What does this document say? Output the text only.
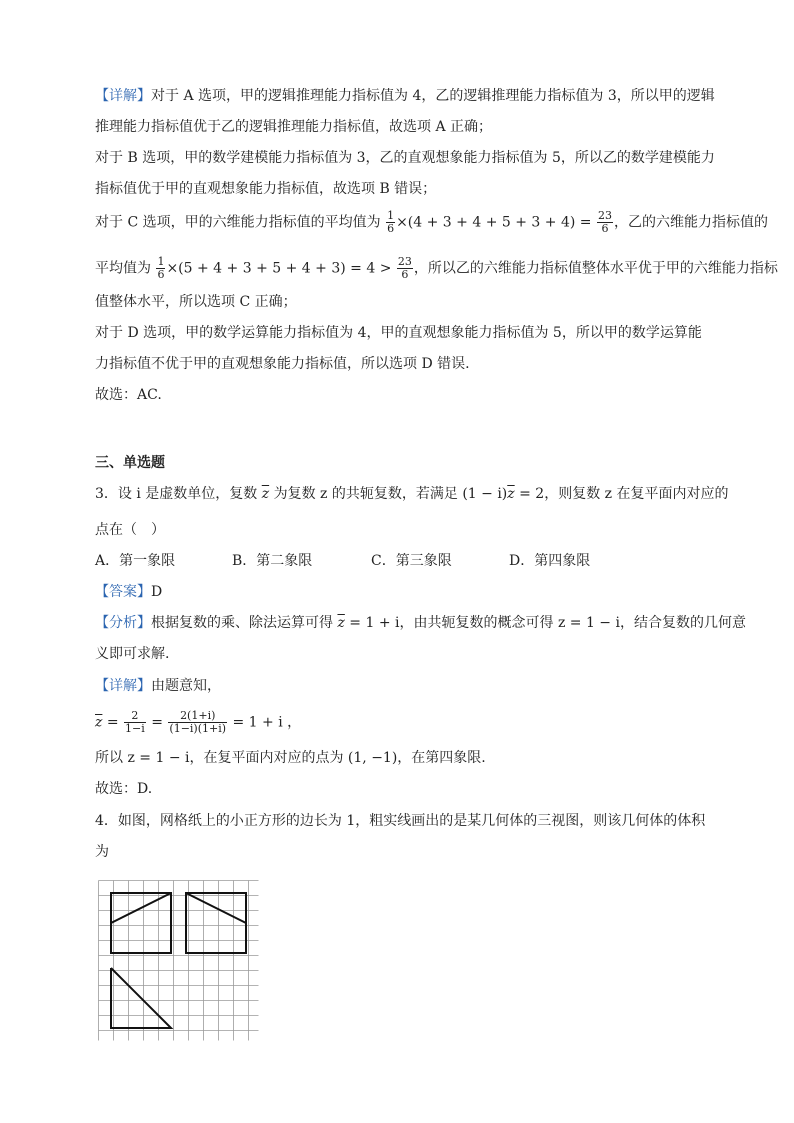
【详解】对于 A 选项，甲的逻辑推理能力指标值为 4，乙的逻辑推理能力指标值为 3，所以甲的逻辑
推理能力指标值优于乙的逻辑推理能力指标值，故选项 A 正确；
对于 B 选项，甲的数学建模能力指标值为 3，乙的直观想象能力指标值为 5，所以乙的数学建模能力
指标值优于甲的直观想象能力指标值，故选项 B 错误；
对于 C 选项，甲的六维能力指标值的平均值为 $\frac{1}{6} \times(4 + 3 + 4 + 5 + 3 + 4) = \frac{23}{6}$ ，乙的六维能力指标值的
平均值为 $\frac{1}{6} \times(5 + 4 + 3 + 5 + 4 + 3) = 4 > \frac{23}{6}$ ，所以乙的六维能力指标值整体水平优于甲的六维能力指标
值整体水平，所以选项 C 正确；
对于 D 选项，甲的数学运算能力指标值为 4，甲的直观想象能力指标值为 5，所以甲的数学运算能
力指标值不优于甲的直观想象能力指标值，所以选项 D 错误.
故选：AC.
三、单选题
3．设 i 是虚数单位，复数 $\overline{z}$ 为复数 z 的共轭复数，若满足 $(1 - i)\overline{z} = 2$，则复数 z 在复平面内对应的
点在（　）
A．第一象限	B．第二象限	C．第三象限	D．第四象限
【答案】D
【分析】根据复数的乘、除法运算可得 $\overline{z} = 1 + i$，由共轭复数的概念可得 z = 1 − i，结合复数的几何意
义即可求解.
【详解】由题意知，
$\overline{z} = \frac{2}{1-i} = \frac{2(1+i)}{(1-i)(1+i)} = 1 + i$ ，
所以 z = 1 − i，在复平面内对应的点为 (1, −1)，在第四象限.
故选：D.
4．如图，网格纸上的小正方形的边长为 1，粗实线画出的是某几何体的三视图，则该几何体的体积
为
